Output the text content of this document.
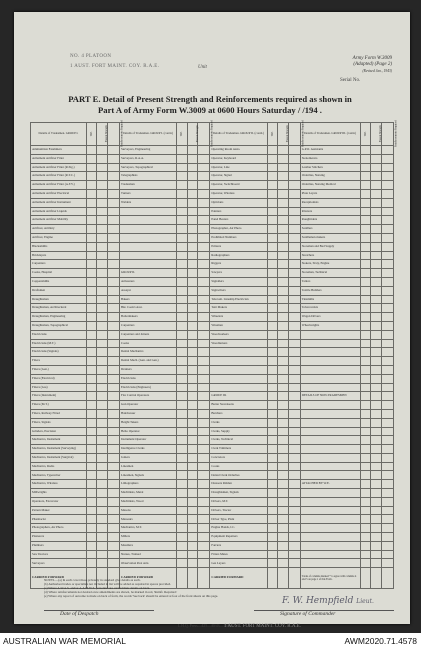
NO. 4 PLATOON
1 AUST. FORT MAINT. COY. R.A.E.	Unit
Army Form W.3009
(Adapted) (Page 2)
(Revised Jan., 1943)
Serial No.
PART E. Detail of Present Strength and Reinforcements required as shown in
Part A of Army Form W.3009 at 0600 Hours Saturday / /194 .
Details of Tradesmen. GROUP I.	W.E.	Present Strength	Reinforcements Required	Details of Tradesmen. GROUP I. (contd.)	W.E.	Present Strength	Reinforcements Required	Details of Tradesmen. GROUP II. (contd.)	W.E.	Present Strength	Reinforcements Required	Details of Tradesmen. GROUP III. (contd.)	W.E.	Present Strength	Reinforcements Required
Ammunition Examiners				Surveyors, Engineering				Operating Room Assts.				G.P.O. Assistants			
Armament Artificer Fitter				Surveyors, R.A.A.				Operator, Keyboard				Stenomerara			
Armament Artificer Fitter (R.Sig.)				Surveyors, Topographical				Operator, Line				Leather Stitchers			
Armament Artificer Fitter (R.T.C.)				Telegraphists				Operator, Signal				Orderlies, Nursing			
Armament Artificer Fitter (A.F.V.)				Tradesmen				Operator, Switchboard				Orderlies, Nursing Medical			
Armament Artificer Electrical				Turners				Operator, Wireless				Plate Layers			
Armament Artificer Instrument				Welders				Opticians				Receptionists			
Armament Artificer Liquids								Painters				Riveters			
Armament Artificer Mobility								Panel Beaters				Roughriders			
Artificer, Artillery								Photographer, Air Photo				Saddlers			
Artificer, Engine								Prohibited Numbers				Saddlemen makers			
Blacksmiths								Printers				Storemen and Bed Supply			
Bricklayers								Radiographers				Stretchers			
Carpenters								Riggers				Stokers, Sixty, Engine			
Cooks, Hospital				GROUP II.				Sawyers				Storemen, Technical			
Coppersmiths				Armourers				Signallers				Tailors			
Draftsmen				Assayer				Signwriters				Textile Builders			
Draughtsmen				Bakers				Telecom. Lineship Electrician				Tinsmiths			
Draughtsmen, Architectural				Bkr. Cook's Asst.				Tent Makers				Tobacconists			
Draughtsmen, Engineering				Boilermakers				Wheelers				Wagon Drivers			
Draughtsmen, Topographical				Carpenters				Wiremen				Wheelwrights			
Electricians				Carpenters and Joiners				Woodworkers							
Electricians (M.T.)				Cooks				Woodturners							
Electricians (Signals)				Dental Mechanics											
Fitters				Dental Mech. (Gen. and Gen.)											
Fitters (Gen.)				Drainers											
Fitters (Electrical)				Electricians											
Fitters (Gas)				Electricians (Engineers)											
Fitters (Instrument)				Fire Control Operators				GROUP III.				DETAILS OF NON-TRADESMEN			
Fitters (M.T.)				Gun Operator				Butter Stevensons							
Fitters, Railway Fitted				Hairdresser				Butchers							
Fitters, Signals				Height Takers				Clerks							
Grinders, Precision				Helio Operator				Clerks, Supply							
Mechanics, Instrument				Instrument Operator				Clerks, Technical							
Mechanics, Instrument (Surveying)				Intelligence Clerks				Clerk Trimmers							
Mechanics, Instrument (Surgical)				Joiners				Concretors							
Mechanics, Radio				Linesmen				Cooks							
Mechanics, Typewriter				Linesmen, Signals				Dental Clerk Orderlies							
Mechanics, Wireless				Lithographers				Dressers Ridden				ATTACHED BY W.E.			
Millwrights				Machinists, Metal				Draughtsmen, Signals							
Operators, Excavator				Machinists, Wood				Drivers, M.T.							
Pattern Maker				Masons				Drivers, Tractor							
Pharmacist				Masseurs				Driver Type, Plant							
Photographers, Air Photo				Mechanics, M.T.				Engine Hands, I.C.							
Plasterers				Millers				Equipment Repairers							
Plumbers				Moulders				Farriers							
Saw Doctors				Nurses, Trained				Fitters Mates							
Surveyors				Observation Post Artz.				Gas Layers							
CARRIED FORWARD				CARRIED FORWARD				CARRIED FORWARD				Totals of columns marked * to agree with columns 4 and 5 on page 1 of this Form.			
NOTES.—(a) In each cover those privately in standard give details as such.
(b) Authorised trades or specialists not included in list will be added as required in spaces provided.
(c) Where A.W.A.S. and/or A.A.M.W.S. personnel are carried their details on back.
(d) Where reinforcements not desired once amendments are shown, be marked in red, 'Reinft. Required.'
(e) Where any report of outcome is made on back of form, the words 'See back' should be entered at foot of the front sheets on this page.	F. W. Hempfield Lieut.
Date of Despatch	Signature of Commander
L.H.Q. Press—425—40/43—150m.
1 AUST. FORT MAINT. COY. R.A.E.
AUSTRALIAN WAR MEMORIAL	AWM2020.71.4578
